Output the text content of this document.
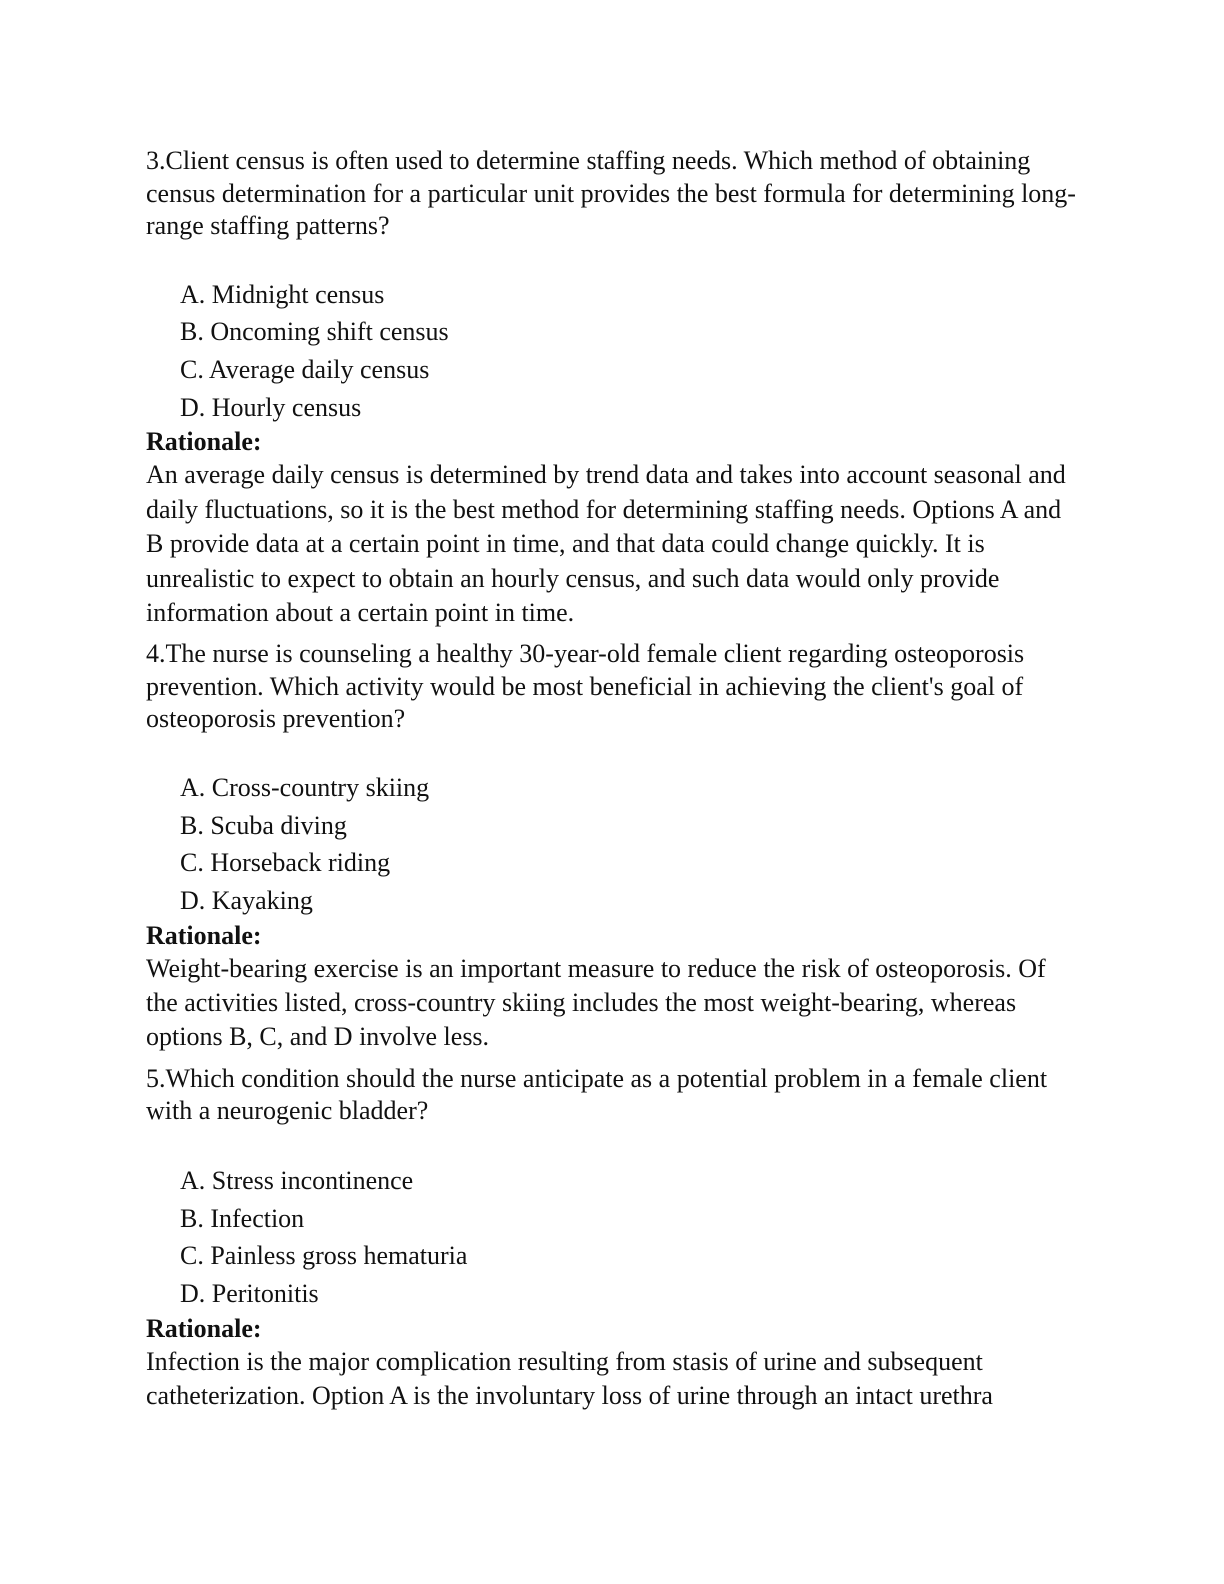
3.Client census is often used to determine staffing needs. Which method of obtaining census determination for a particular unit provides the best formula for determining long-range staffing patterns?

A. Midnight census
B. Oncoming shift census
C. Average daily census
D. Hourly census

Rationale:

An average daily census is determined by trend data and takes into account seasonal and daily fluctuations, so it is the best method for determining staffing needs. Options A and B provide data at a certain point in time, and that data could change quickly. It is unrealistic to expect to obtain an hourly census, and such data would only provide information about a certain point in time.

4.The nurse is counseling a healthy 30-year-old female client regarding osteoporosis prevention. Which activity would be most beneficial in achieving the client's goal of osteoporosis prevention?

A. Cross-country skiing
B. Scuba diving
C. Horseback riding
D. Kayaking

Rationale:

Weight-bearing exercise is an important measure to reduce the risk of osteoporosis. Of the activities listed, cross-country skiing includes the most weight-bearing, whereas options B, C, and D involve less.

5.Which condition should the nurse anticipate as a potential problem in a female client with a neurogenic bladder?

A. Stress incontinence
B. Infection
C. Painless gross hematuria
D. Peritonitis

Rationale:

Infection is the major complication resulting from stasis of urine and subsequent catheterization. Option A is the involuntary loss of urine through an intact urethra
